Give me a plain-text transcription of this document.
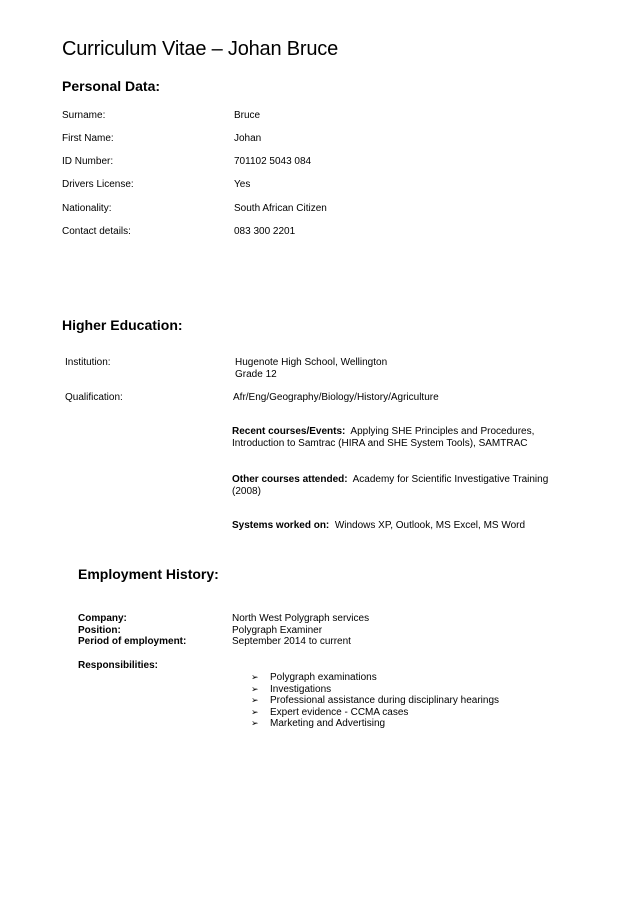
Curriculum Vitae – Johan Bruce
Personal Data:
Surname:	Bruce
First Name:	Johan
ID Number:	701102 5043 084
Drivers License:	Yes
Nationality:	South African Citizen
Contact details:	083 300 2201
Higher Education:
Institution:	Hugenote High School, Wellington
Grade 12
Qualification:	Afr/Eng/Geography/Biology/History/Agriculture
Recent courses/Events: Applying SHE Principles and Procedures, Introduction to Samtrac (HIRA and SHE System Tools), SAMTRAC
Other courses attended: Academy for Scientific Investigative Training (2008)
Systems worked on: Windows XP, Outlook, MS Excel, MS Word
Employment History:
Company:	North West Polygraph services
Position:	Polygraph Examiner
Period of employment:	September 2014 to current
Responsibilities:
➢ Polygraph examinations
➢ Investigations
➢ Professional assistance during disciplinary hearings
➢ Expert evidence - CCMA cases
➢ Marketing and Advertising
